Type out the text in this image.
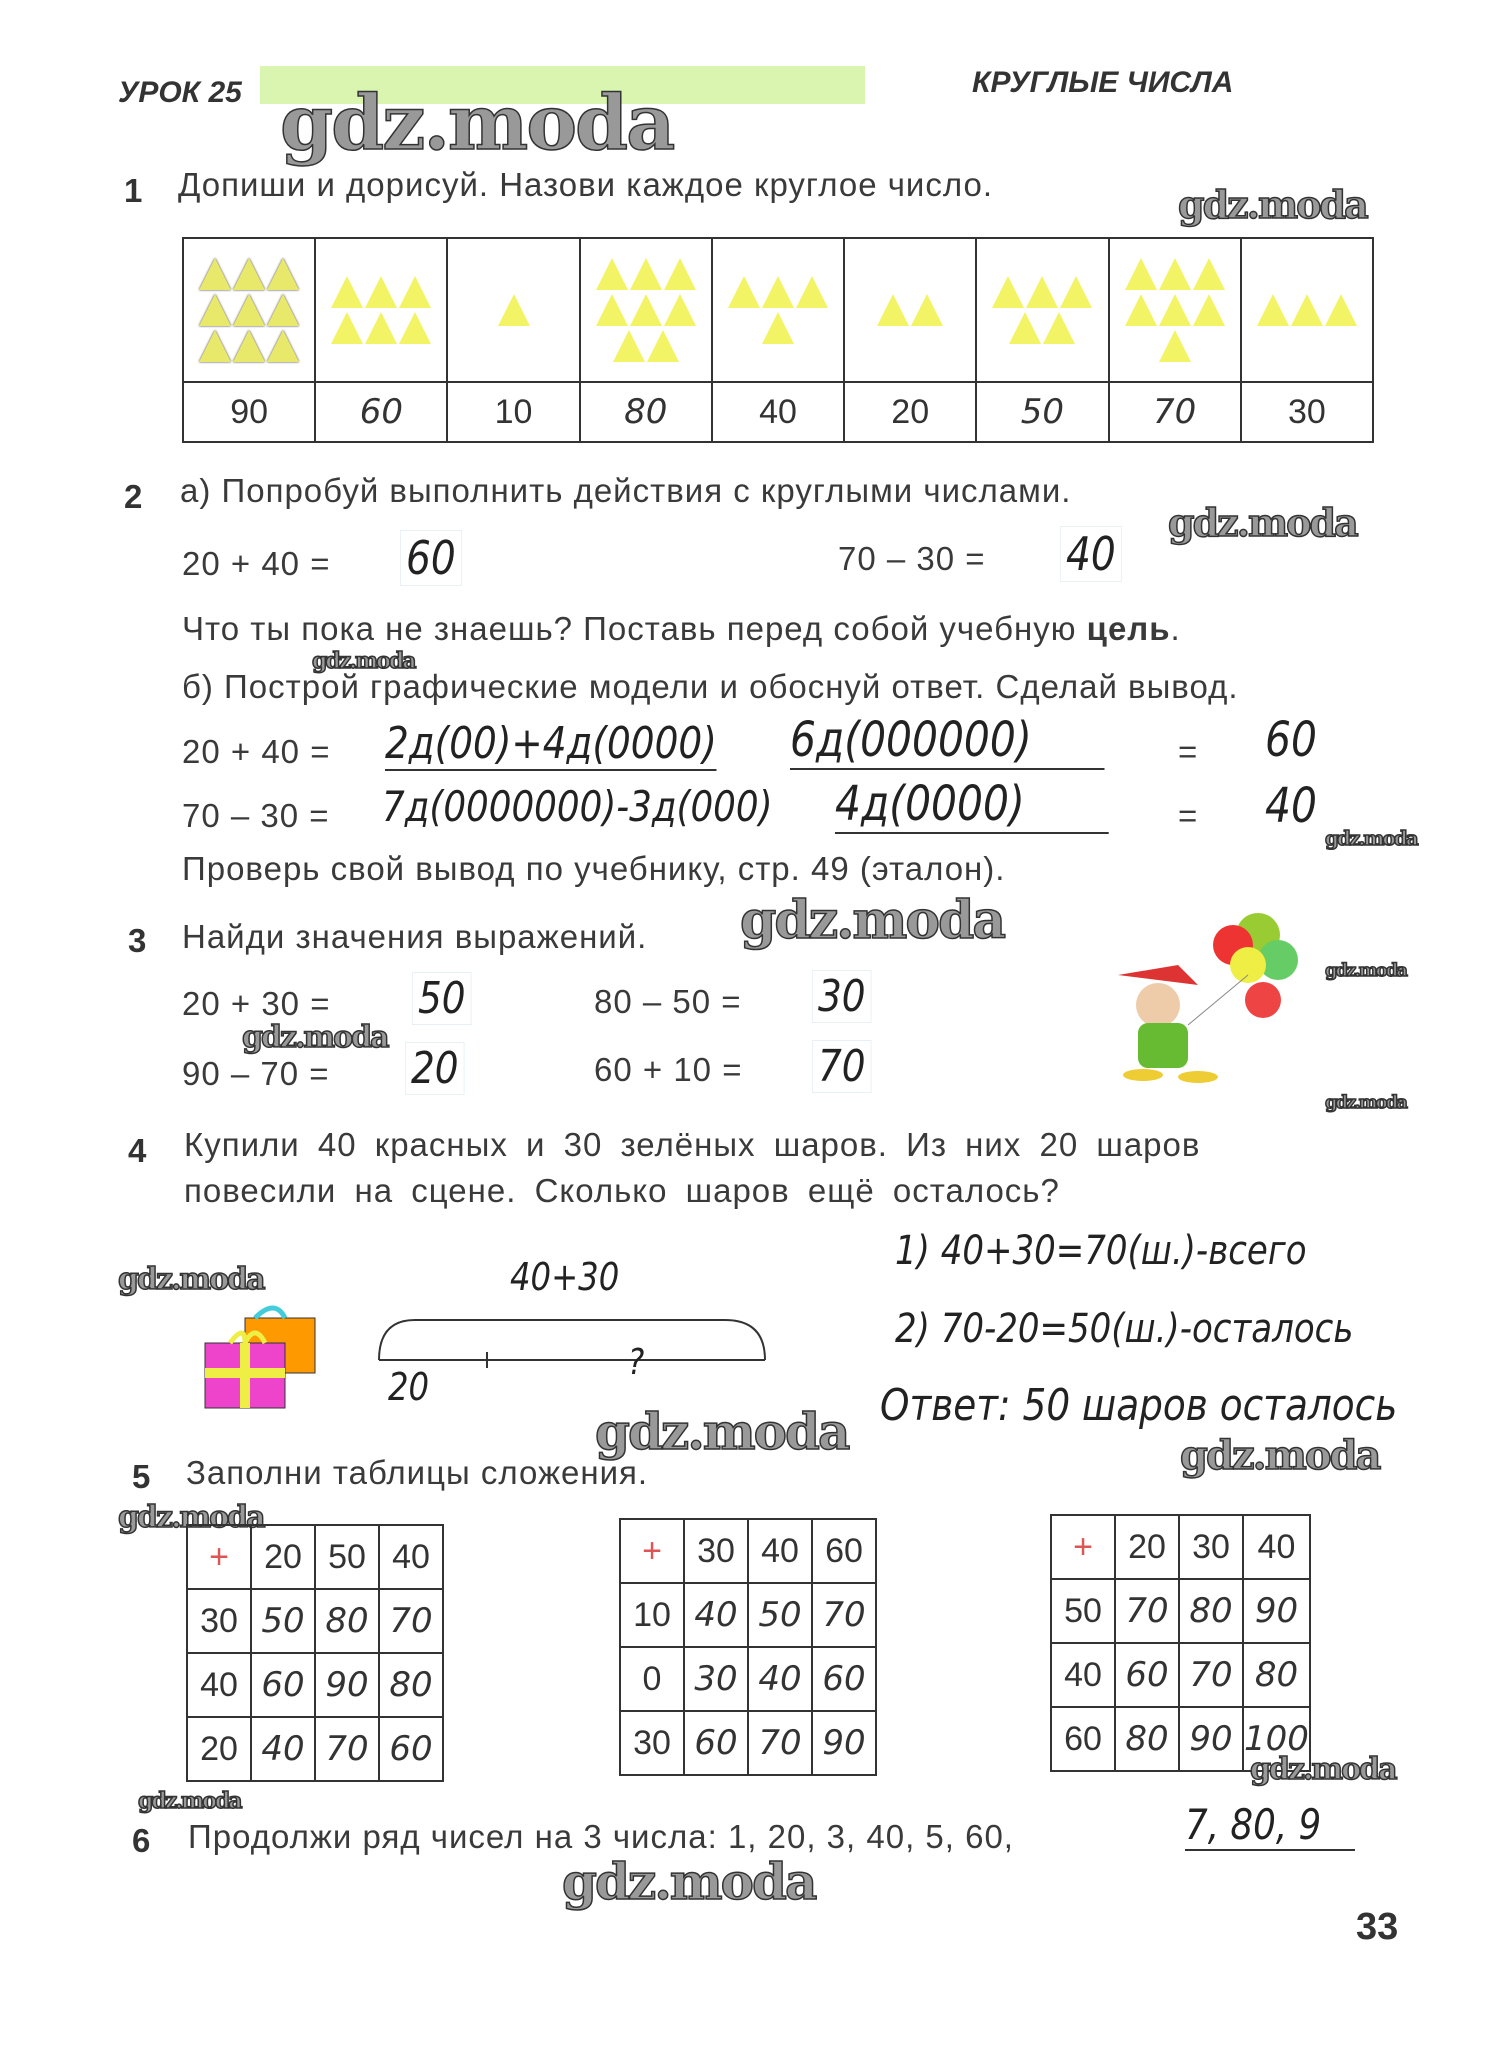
УРОК 25	КРУГЛЫЕ ЧИСЛА
gdz.moda
1 Допиши и дорисуй. Назови каждое круглое число.	gdz.moda

90	60	10	80	40	20	50	70	30
2 а) Попробуй выполнить действия с круглыми числами.
20 + 40 = 60	70 – 30 = 40
gdz.moda
Что ты пока не знаешь? Поставь перед собой учебную цель.
gdz.moda
б) Построй графические модели и обоснуй ответ. Сделай вывод.
20 + 40 = 2д(00)+4д(0000) 6д(000000)	= 60
70 – 30 = 7д(0000000)-3д(000) 4д(0000)	= 40
gdz.moda
Проверь свой вывод по учебнику, стр. 49 (эталон).
3 Найди значения выражений. gdz.moda
20 + 30 = 50	80 – 50 = 30
90 – 70 = 20	60 + 10 = 70
gdz.moda
gdz.moda
gdz.moda
4 Купили 40 красных и 30 зелёных шаров. Из них 20 шаров
повесили на сцене. Сколько шаров ещё осталось?
gdz.moda	40+30
20
?
1) 40+30=70(ш.)-всего
2) 70-20=50(ш.)-осталось
Ответ: 50 шаров осталось
gdz.moda	gdz.moda
5 Заполни таблицы сложения.
gdz.moda
+	20	50	40
30	50	80	70
40	60	90	80
20	40	70	60
+	30	40	60
10	40	50	70
0	30	40	60
30	60	70	90
+	20	30	40
50	70	80	90
40	60	70	80
60	80	90	100
gdz.moda
gdz.moda
6 Продолжи ряд чисел на 3 числа: 1, 20, 3, 40, 5, 60,	7, 80, 9
gdz.moda
33
